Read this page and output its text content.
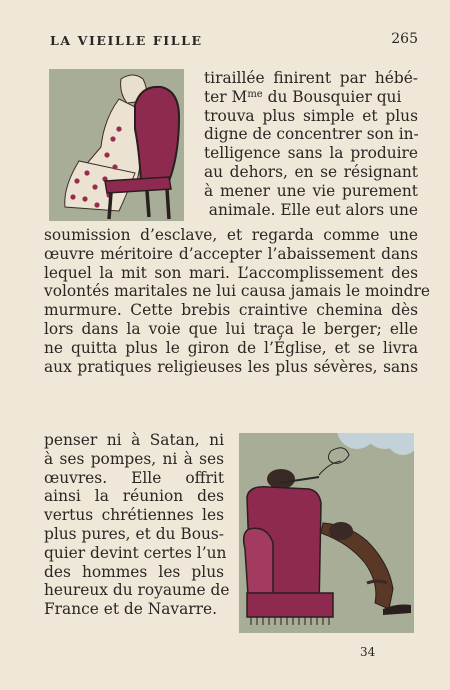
LA VIEILLE FILLE	265
tiraillée finirent par hébé-
ter $M^{me}$ du Bousquier qui
trouva plus simple et plus
digne de concentrer son in-
telligence sans la produire
au dehors, en se résignant
à mener une vie purement
animale. Elle eut alors une
soumission d’esclave, et regarda comme une
œuvre méritoire d’accepter l’abaissement dans
lequel la mit son mari. L’accomplissement des
volontés maritales ne lui causa jamais le moindre
murmure. Cette brebis craintive chemina dès
lors dans la voie que lui traça le berger; elle
ne quitta plus le giron de l’Église, et se livra
aux pratiques religieuses les plus sévères, sans
penser ni à Satan, ni
à ses pompes, ni à ses
œuvres. Elle offrit
ainsi la réunion des
vertus chrétiennes les
plus pures, et du Bous-
quier devint certes l’un
des hommes les plus
heureux du royaume de
France et de Navarre.
34
